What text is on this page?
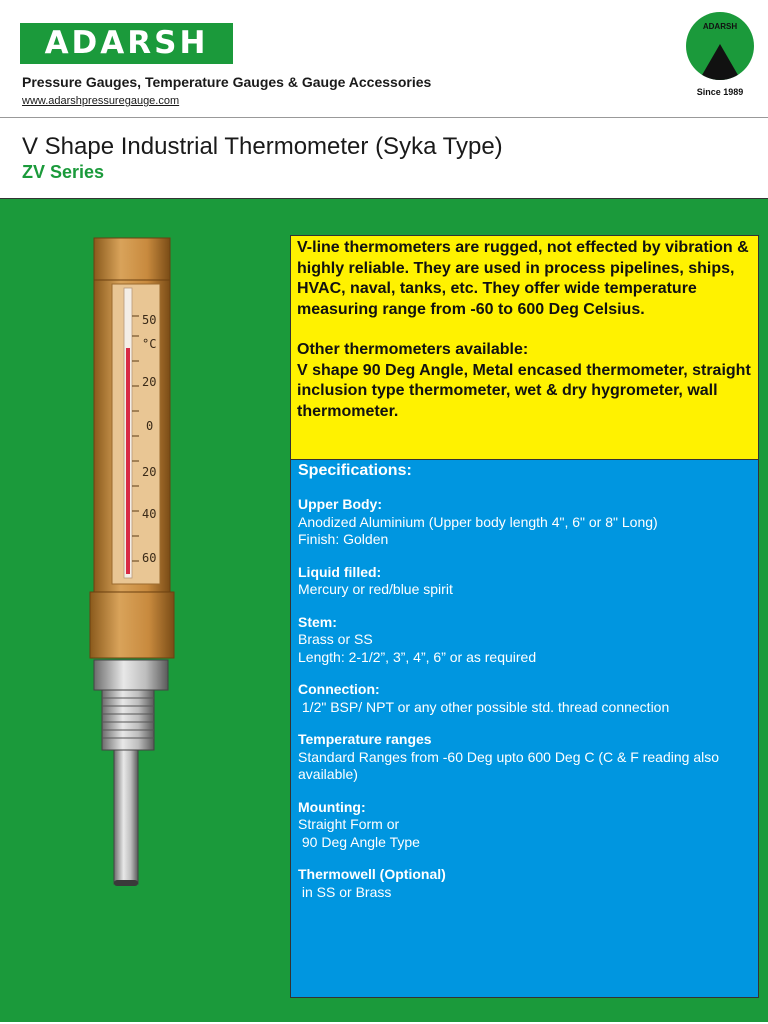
ADARSH
Pressure Gauges, Temperature Gauges & Gauge Accessories
www.adarshpressuregauge.com
ADARSH
Since 1989
V Shape Industrial Thermometer (Syka Type)
ZV Series
50
°C
20
0
20
40
60

V-line thermometers are rugged, not effected by vibration & highly reliable. They are used in process pipelines, ships, HVAC, naval, tanks, etc. They offer wide temperature measuring range from -60 to 600 Deg Celsius.

Other thermometers available:

V shape 90 Deg Angle, Metal encased thermometer, straight inclusion type thermometer, wet & dry hygrometer, wall thermometer.

Specifications:
Upper Body:
Anodized Aluminium (Upper body length 4", 6" or 8" Long)
Finish: Golden
Liquid filled:
Mercury or red/blue spirit
Stem:
Brass or SS
Length: 2-1/2”, 3”, 4”, 6” or as required
Connection:
1/2" BSP/ NPT or any other possible std. thread connection
Temperature ranges
Standard Ranges from -60 Deg upto 600 Deg C (C & F reading also available)
Mounting:
Straight Form or
90 Deg Angle Type
Thermowell (Optional)
in SS or Brass
